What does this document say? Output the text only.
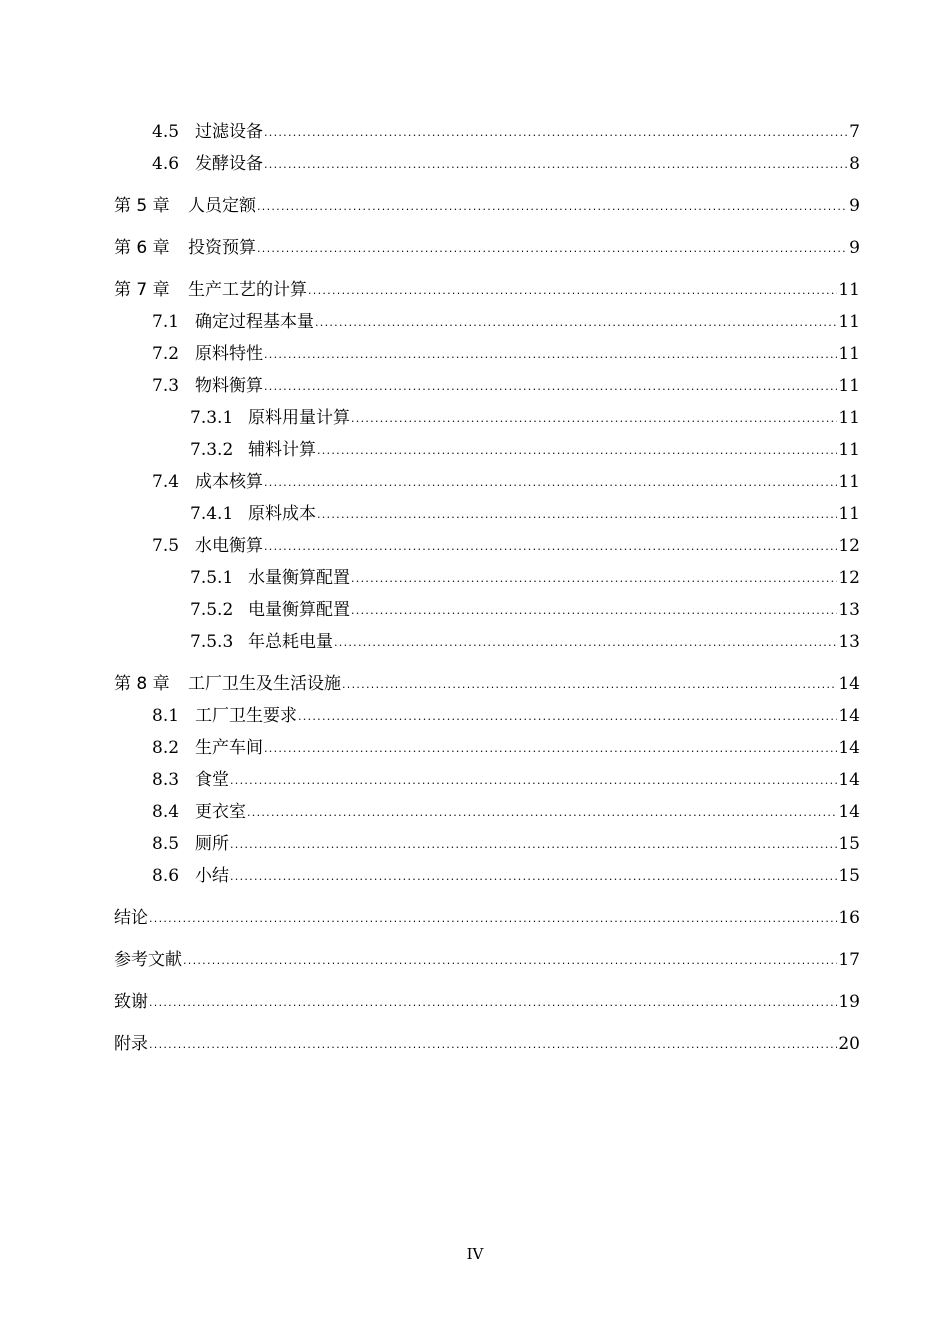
4.5 过滤设备 .....	7
4.6 发酵设备 .....	8
第 5 章	人员定额 .....	9
第 6 章	投资预算 .....	9
第 7 章	生产工艺的计算 .....	11
7.1 确定过程基本量 .....	11
7.2 原料特性 .....	11
7.3 物料衡算 .....	11
7.3.1 原料用量计算 .....	11
7.3.2 辅料计算 .....	11
7.4 成本核算 .....	11
7.4.1 原料成本 .....	11
7.5 水电衡算 .....	12
7.5.1 水量衡算配置 .....	12
7.5.2 电量衡算配置 .....	13
7.5.3 年总耗电量 .....	13
第 8 章	工厂卫生及生活设施 .....	14
8.1 工厂卫生要求 .....	14
8.2 生产车间 .....	14
8.3 食堂 .....	14
8.4 更衣室 .....	14
8.5 厕所 .....	15
8.6 小结 .....	15
结论 .....	16
参考文献 .....	17
致谢 .....	19
附录 .....	20
IV
